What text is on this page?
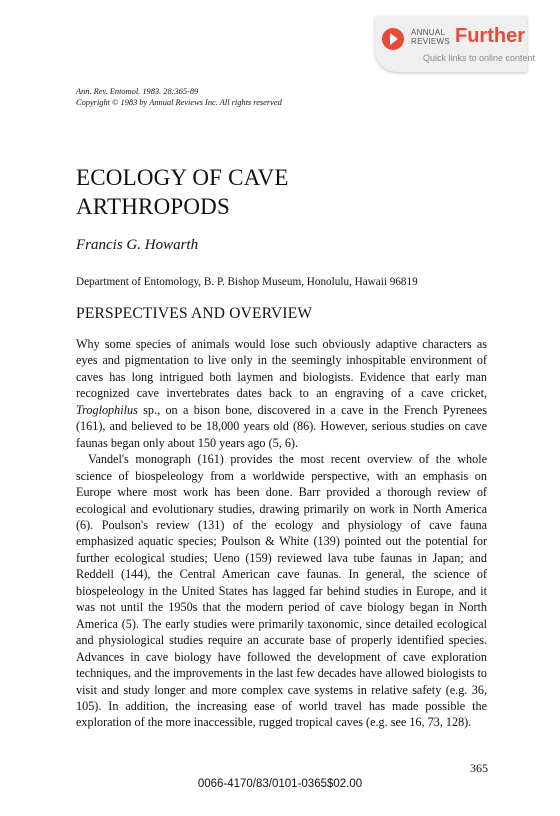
ANNUAL
REVIEWS Further
Quick links to online content
Ann. Rev. Entomol. 1983. 28:365-89
Copyright © 1983 by Annual Reviews Inc. All rights reserved
ECOLOGY OF CAVE
ARTHROPODS
Francis G. Howarth
Department of Entomology, B. P. Bishop Museum, Honolulu, Hawaii 96819
PERSPECTIVES AND OVERVIEW

Why some species of animals would lose such obviously adaptive characters as eyes and pigmentation to live only in the seemingly inhospitable environment of caves has long intrigued both laymen and biologists. Evidence that early man recognized cave invertebrates dates back to an engraving of a cave cricket, Troglophilus sp., on a bison bone, discovered in a cave in the French Pyrenees (161), and believed to be 18,000 years old (86). However, serious studies on cave faunas began only about 150 years ago (5, 6).

Vandel's monograph (161) provides the most recent overview of the whole science of biospeleology from a worldwide perspective, with an emphasis on Europe where most work has been done. Barr provided a thorough review of ecological and evolutionary studies, drawing primarily on work in North America (6). Poulson's review (131) of the ecology and physiology of cave fauna emphasized aquatic species; Poulson & White (139) pointed out the potential for further ecological studies; Ueno (159) reviewed lava tube faunas in Japan; and Reddell (144), the Central American cave faunas. In general, the science of biospeleology in the United States has lagged far behind studies in Europe, and it was not until the 1950s that the modern period of cave biology began in North America (5). The early studies were primarily taxonomic, since detailed ecological and physiological studies require an accurate base of properly identified species. Advances in cave biology have followed the development of cave exploration techniques, and the improvements in the last few decades have allowed biologists to visit and study longer and more complex cave systems in relative safety (e.g. 36, 105). In addition, the increasing ease of world travel has made possible the exploration of the more inaccessible, rugged tropical caves (e.g. see 16, 73, 128).

365
0066-4170/83/0101-0365$02.00
